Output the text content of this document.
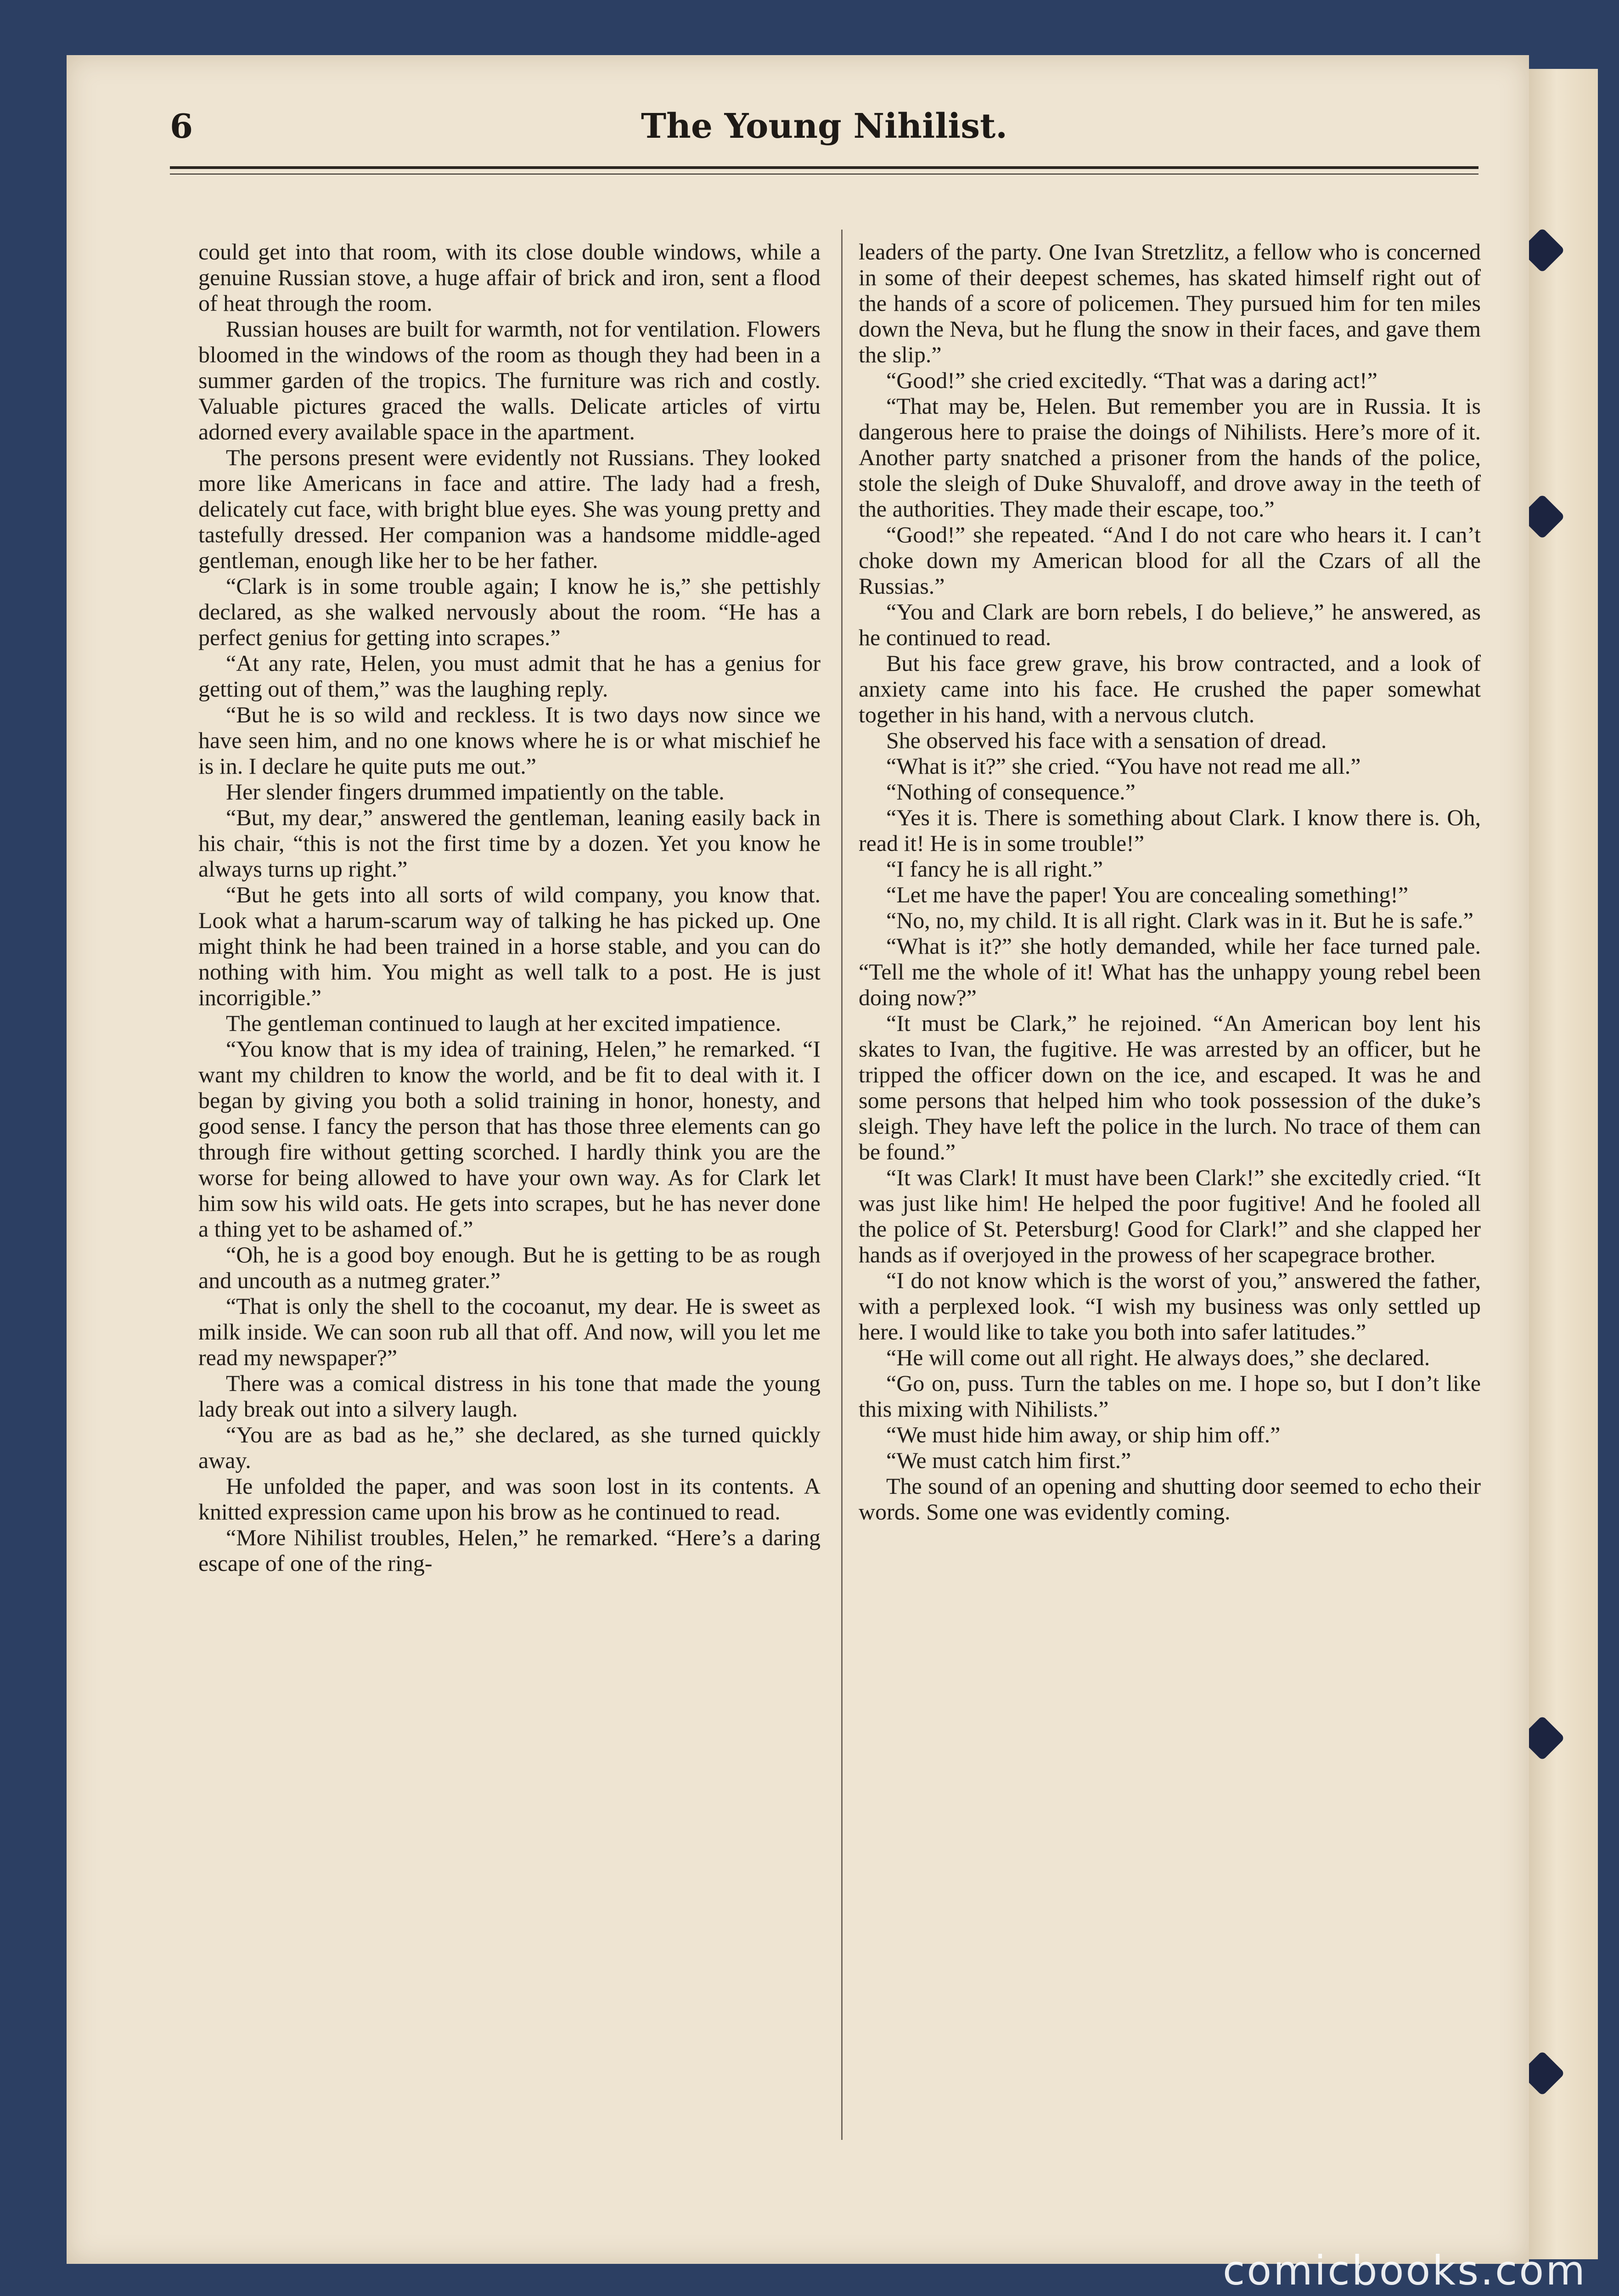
6	The Young Nihilist.

could get into that room, with its close double windows, while a genuine Russian stove, a huge affair of brick and iron, sent a flood of heat through the room.

Russian houses are built for warmth, not for ventilation. Flowers bloomed in the windows of the room as though they had been in a summer garden of the tropics. The furniture was rich and costly. Valuable pictures graced the walls. Delicate articles of virtu adorned every available space in the apartment.

The persons present were evidently not Russians. They looked more like Americans in face and attire. The lady had a fresh, delicately cut face, with bright blue eyes. She was young pretty and tastefully dressed. Her companion was a handsome middle-aged gentleman, enough like her to be her father.

“Clark is in some trouble again; I know he is,” she pettishly declared, as she walked nervously about the room. “He has a perfect genius for getting into scrapes.”

“At any rate, Helen, you must admit that he has a genius for getting out of them,” was the laughing reply.

“But he is so wild and reckless. It is two days now since we have seen him, and no one knows where he is or what mischief he is in. I declare he quite puts me out.”

Her slender fingers drummed impatiently on the table.

“But, my dear,” answered the gentleman, leaning easily back in his chair, “this is not the first time by a dozen. Yet you know he always turns up right.”

“But he gets into all sorts of wild company, you know that. Look what a harum-scarum way of talking he has picked up. One might think he had been trained in a horse stable, and you can do nothing with him. You might as well talk to a post. He is just incorrigible.”

The gentleman continued to laugh at her excited impatience.

“You know that is my idea of training, Helen,” he remarked. “I want my children to know the world, and be fit to deal with it. I began by giving you both a solid training in honor, honesty, and good sense. I fancy the person that has those three elements can go through fire without getting scorched. I hardly think you are the worse for being allowed to have your own way. As for Clark let him sow his wild oats. He gets into scrapes, but he has never done a thing yet to be ashamed of.”

“Oh, he is a good boy enough. But he is getting to be as rough and uncouth as a nutmeg grater.”

“That is only the shell to the cocoanut, my dear. He is sweet as milk inside. We can soon rub all that off. And now, will you let me read my newspaper?”

There was a comical distress in his tone that made the young lady break out into a silvery laugh.

“You are as bad as he,” she declared, as she turned quickly away.

He unfolded the paper, and was soon lost in its contents. A knitted expression came upon his brow as he continued to read.

“More Nihilist troubles, Helen,” he remarked. “Here’s a daring escape of one of the ring-

leaders of the party. One Ivan Stretzlitz, a fellow who is concerned in some of their deepest schemes, has skated himself right out of the hands of a score of policemen. They pursued him for ten miles down the Neva, but he flung the snow in their faces, and gave them the slip.”

“Good!” she cried excitedly. “That was a daring act!”

“That may be, Helen. But remember you are in Russia. It is dangerous here to praise the doings of Nihilists. Here’s more of it. Another party snatched a prisoner from the hands of the police, stole the sleigh of Duke Shuvaloff, and drove away in the teeth of the authorities. They made their escape, too.”

“Good!” she repeated. “And I do not care who hears it. I can’t choke down my American blood for all the Czars of all the Russias.”

“You and Clark are born rebels, I do believe,” he answered, as he continued to read.

But his face grew grave, his brow contracted, and a look of anxiety came into his face. He crushed the paper somewhat together in his hand, with a nervous clutch.

She observed his face with a sensation of dread.

“What is it?” she cried. “You have not read me all.”

“Nothing of consequence.”

“Yes it is. There is something about Clark. I know there is. Oh, read it! He is in some trouble!”

“I fancy he is all right.”

“Let me have the paper! You are concealing something!”

“No, no, my child. It is all right. Clark was in it. But he is safe.”

“What is it?” she hotly demanded, while her face turned pale. “Tell me the whole of it! What has the unhappy young rebel been doing now?”

“It must be Clark,” he rejoined. “An American boy lent his skates to Ivan, the fugitive. He was arrested by an officer, but he tripped the officer down on the ice, and escaped. It was he and some persons that helped him who took possession of the duke’s sleigh. They have left the police in the lurch. No trace of them can be found.”

“It was Clark! It must have been Clark!” she excitedly cried. “It was just like him! He helped the poor fugitive! And he fooled all the police of St. Petersburg! Good for Clark!” and she clapped her hands as if overjoyed in the prowess of her scapegrace brother.

“I do not know which is the worst of you,” answered the father, with a perplexed look. “I wish my business was only settled up here. I would like to take you both into safer latitudes.”

“He will come out all right. He always does,” she declared.

“Go on, puss. Turn the tables on me. I hope so, but I don’t like this mixing with Nihilists.”

“We must hide him away, or ship him off.”

“We must catch him first.”

The sound of an opening and shutting door seemed to echo their words. Some one was evidently coming.

comicbooks.com
